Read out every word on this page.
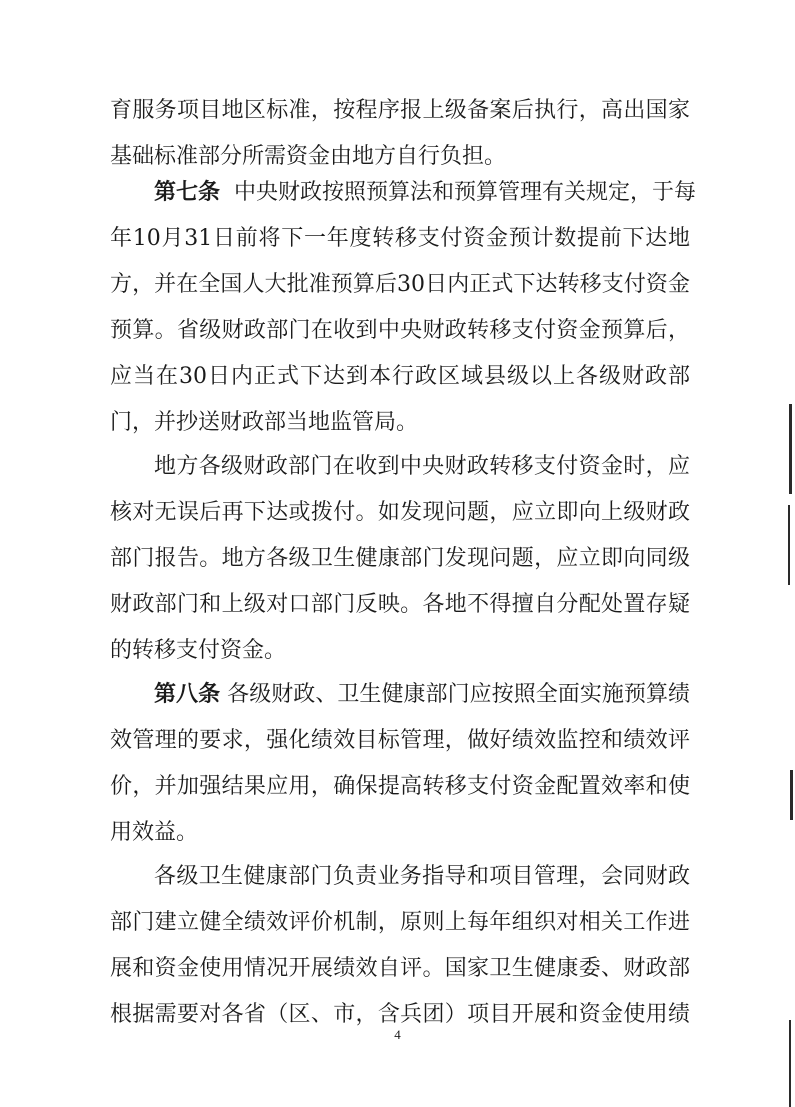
育服务项目地区标准，按程序报上级备案后执行，高出国家
基础标准部分所需资金由地方自行负担。
第七条 中央财政按照预算法和预算管理有关规定，于每
年10月31日前将下一年度转移支付资金预计数提前下达地
方，并在全国人大批准预算后30日内正式下达转移支付资金
预算。省级财政部门在收到中央财政转移支付资金预算后，
应当在30日内正式下达到本行政区域县级以上各级财政部
门，并抄送财政部当地监管局。
地方各级财政部门在收到中央财政转移支付资金时，应
核对无误后再下达或拨付。如发现问题，应立即向上级财政
部门报告。地方各级卫生健康部门发现问题，应立即向同级
财政部门和上级对口部门反映。各地不得擅自分配处置存疑
的转移支付资金。
第八条 各级财政、卫生健康部门应按照全面实施预算绩
效管理的要求，强化绩效目标管理，做好绩效监控和绩效评
价，并加强结果应用，确保提高转移支付资金配置效率和使
用效益。
各级卫生健康部门负责业务指导和项目管理，会同财政
部门建立健全绩效评价机制，原则上每年组织对相关工作进
展和资金使用情况开展绩效自评。国家卫生健康委、财政部
根据需要对各省（区、市，含兵团）项目开展和资金使用绩
4
